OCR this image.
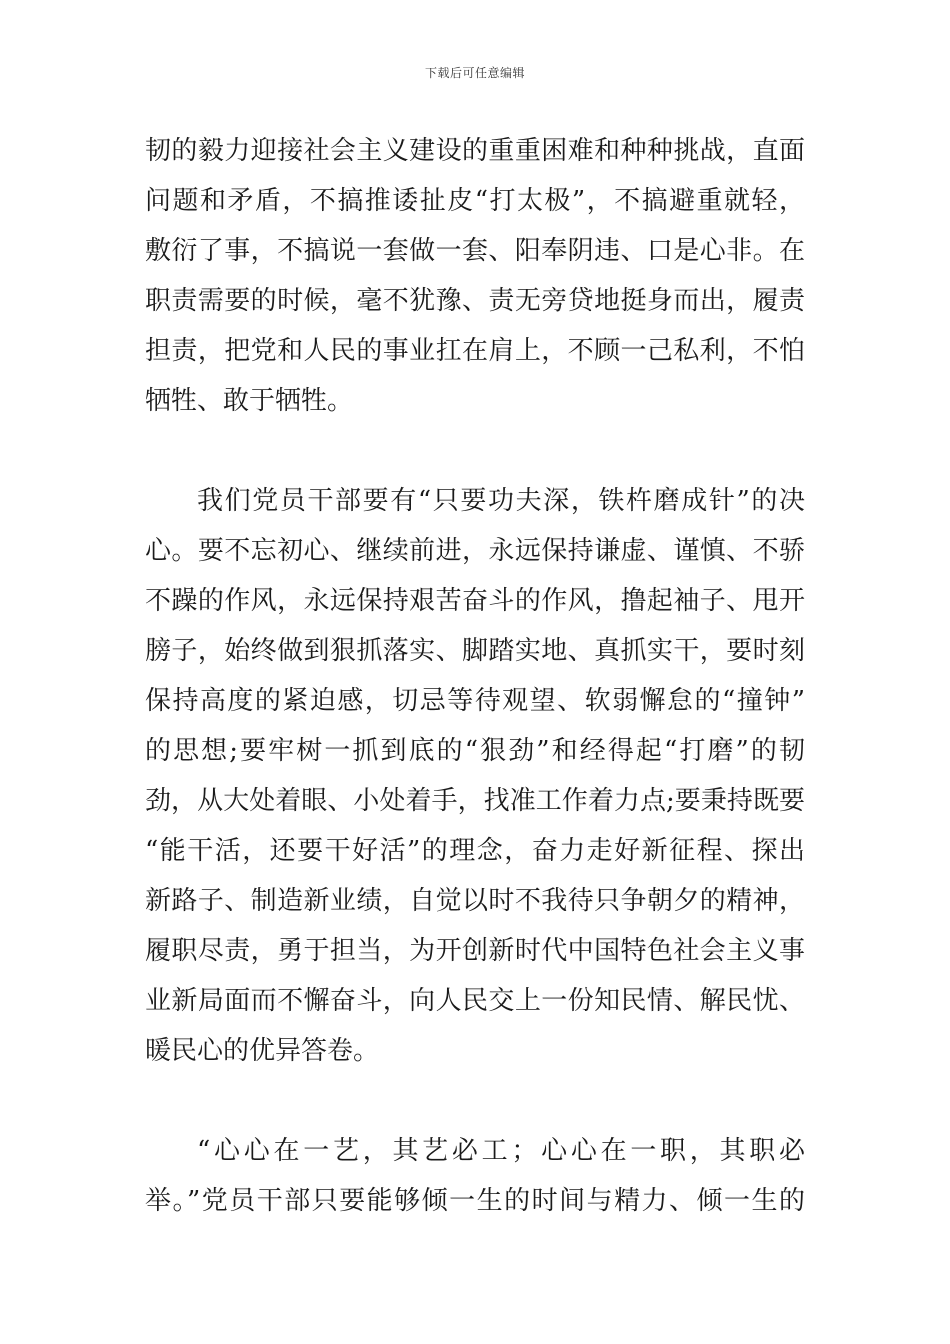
下载后可任意编辑

韧的毅力迎接社会主义建设的重重困难和种种挑战，直面
问题和矛盾，不搞推诿扯皮“打太极”，不搞避重就轻，
敷衍了事，不搞说一套做一套、阳奉阴违、口是心非。在
职责需要的时候，毫不犹豫、责无旁贷地挺身而出，履责
担责，把党和人民的事业扛在肩上，不顾一己私利，不怕
牺牲、敢于牺牲。

我们党员干部要有“只要功夫深，铁杵磨成针”的决
心。要不忘初心、继续前进，永远保持谦虚、谨慎、不骄
不躁的作风，永远保持艰苦奋斗的作风，撸起袖子、甩开
膀子，始终做到狠抓落实、脚踏实地、真抓实干，要时刻
保持高度的紧迫感，切忌等待观望、软弱懈怠的“撞钟”
的思想;要牢树一抓到底的“狠劲”和经得起“打磨”的韧
劲，从大处着眼、小处着手，找准工作着力点;要秉持既要
“能干活，还要干好活”的理念，奋力走好新征程、探出
新路子、制造新业绩，自觉以时不我待只争朝夕的精神，
履职尽责，勇于担当，为开创新时代中国特色社会主义事
业新局面而不懈奋斗，向人民交上一份知民情、解民忧、
暖民心的优异答卷。

“心心在一艺，其艺必工；心心在一职，其职必
举。”党员干部只要能够倾一生的时间与精力、倾一生的
